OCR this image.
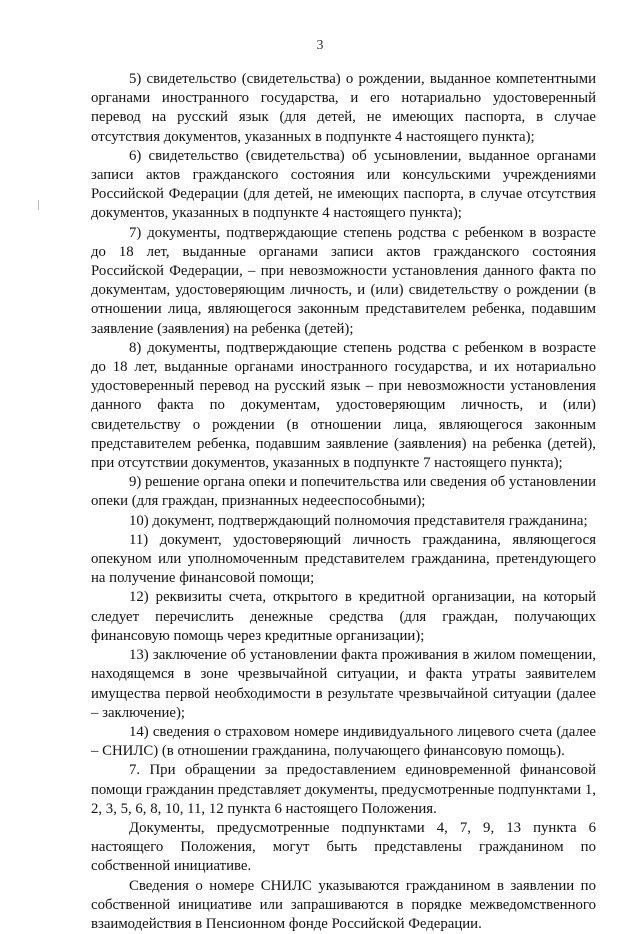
3

5) свидетельство (свидетельства) о рождении, выданное компетентными органами иностранного государства, и его нотариально удостоверенный перевод на русский язык (для детей, не имеющих паспорта, в случае отсутствия документов, указанных в подпункте 4 настоящего пункта);

6) свидетельство (свидетельства) об усыновлении, выданное органами записи актов гражданского состояния или консульскими учреждениями Российской Федерации (для детей, не имеющих паспорта, в случае отсутствия документов, указанных в подпункте 4 настоящего пункта);

7) документы, подтверждающие степень родства с ребенком в возрасте до 18 лет, выданные органами записи актов гражданского состояния Российской Федерации, – при невозможности установления данного факта по документам, удостоверяющим личность, и (или) свидетельству о рождении (в отношении лица, являющегося законным представителем ребенка, подавшим заявление (заявления) на ребенка (детей);

8) документы, подтверждающие степень родства с ребенком в возрасте до 18 лет, выданные органами иностранного государства, и их нотариально удостоверенный перевод на русский язык – при невозможности установления данного факта по документам, удостоверяющим личность, и (или) свидетельству о рождении (в отношении лица, являющегося законным представителем ребенка, подавшим заявление (заявления) на ребенка (детей), при отсутствии документов, указанных в подпункте 7 настоящего пункта);

9) решение органа опеки и попечительства или сведения об установлении опеки (для граждан, признанных недееспособными);

10) документ, подтверждающий полномочия представителя гражданина;

11) документ, удостоверяющий личность гражданина, являющегося опекуном или уполномоченным представителем гражданина, претендующего на получение финансовой помощи;

12) реквизиты счета, открытого в кредитной организации, на который следует перечислить денежные средства (для граждан, получающих финансовую помощь через кредитные организации);

13) заключение об установлении факта проживания в жилом помещении, находящемся в зоне чрезвычайной ситуации, и факта утраты заявителем имущества первой необходимости в результате чрезвычайной ситуации (далее – заключение);

14) сведения о страховом номере индивидуального лицевого счета (далее – СНИЛС) (в отношении гражданина, получающего финансовую помощь).

7. При обращении за предоставлением единовременной финансовой помощи гражданин представляет документы, предусмотренные подпунктами 1, 2, 3, 5, 6, 8, 10, 11, 12 пункта 6 настоящего Положения.

Документы, предусмотренные подпунктами 4, 7, 9, 13 пункта 6 настоящего Положения, могут быть представлены гражданином по собственной инициативе.

Сведения о номере СНИЛС указываются гражданином в заявлении по собственной инициативе или запрашиваются в порядке межведомственного взаимодействия в Пенсионном фонде Российской Федерации.
